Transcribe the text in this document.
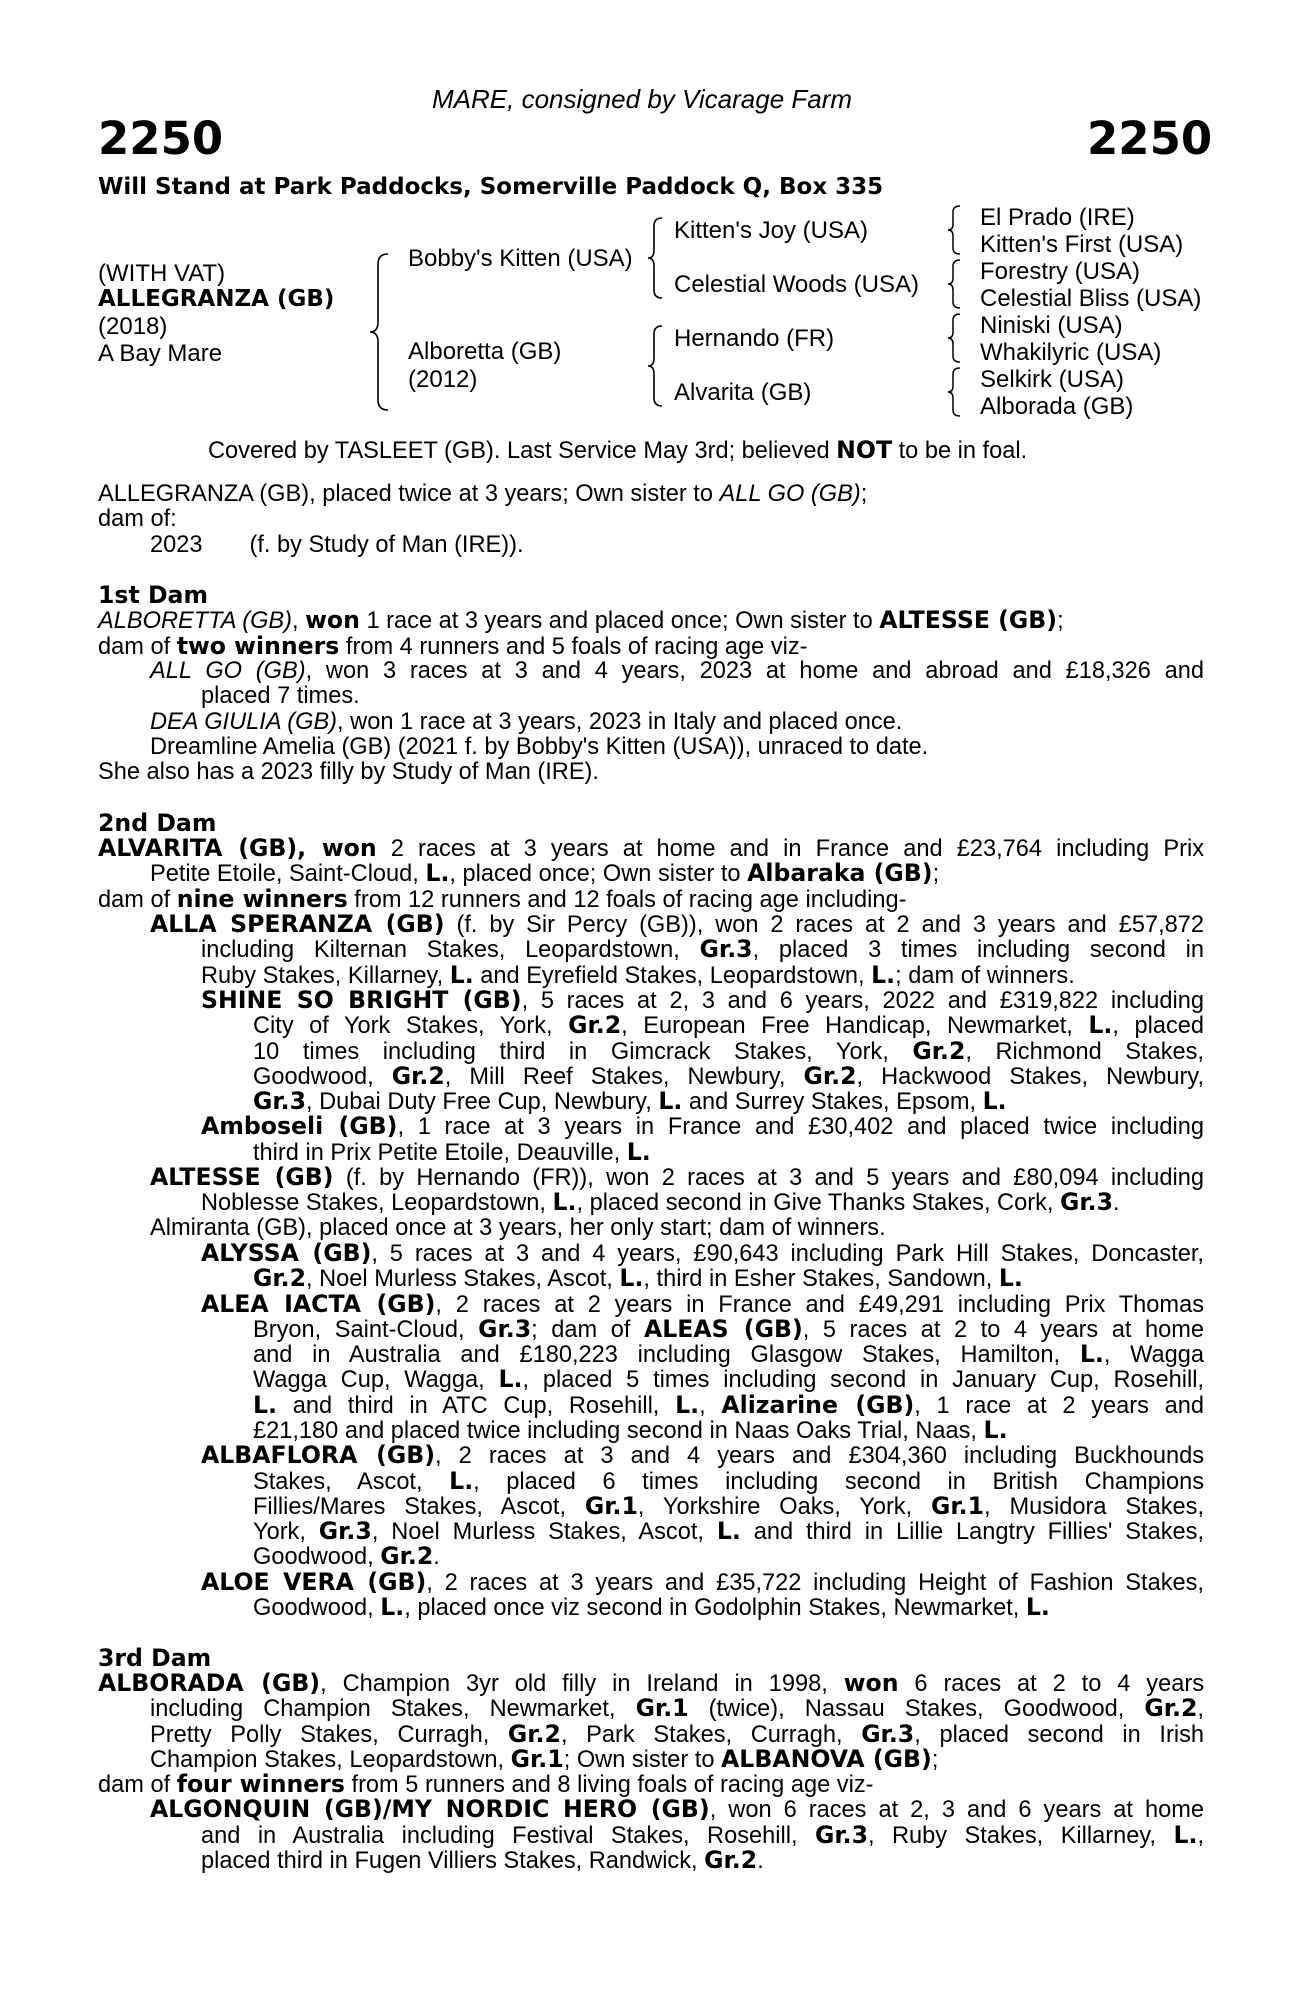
MARE, consigned by Vicarage Farm
2250	2250
Will Stand at Park Paddocks, Somerville Paddock Q, Box 335
(WITH VAT)
ALLEGRANZA (GB)
(2018)
A Bay Mare
Bobby's Kitten (USA)
Alboretta (GB)
(2012)
Kitten's Joy (USA)
Celestial Woods (USA)
Hernando (FR)
Alvarita (GB)
El Prado (IRE)
Kitten's First (USA)
Forestry (USA)
Celestial Bliss (USA)
Niniski (USA)
Whakilyric (USA)
Selkirk (USA)
Alborada (GB)
Covered by TASLEET (GB). Last Service May 3rd; believed NOT to be in foal.
ALLEGRANZA (GB), placed twice at 3 years; Own sister to ALL GO (GB);
dam of:
2023 (f. by Study of Man (IRE)).
1st Dam
ALBORETTA (GB), won 1 race at 3 years and placed once; Own sister to ALTESSE (GB);
dam of two winners from 4 runners and 5 foals of racing age viz-
ALL GO (GB), won 3 races at 3 and 4 years, 2023 at home and abroad and £18,326 and
placed 7 times.
DEA GIULIA (GB), won 1 race at 3 years, 2023 in Italy and placed once.
Dreamline Amelia (GB) (2021 f. by Bobby's Kitten (USA)), unraced to date.
She also has a 2023 filly by Study of Man (IRE).
2nd Dam
ALVARITA (GB), won 2 races at 3 years at home and in France and £23,764 including Prix
Petite Etoile, Saint-Cloud, L., placed once; Own sister to Albaraka (GB);
dam of nine winners from 12 runners and 12 foals of racing age including-
ALLA SPERANZA (GB) (f. by Sir Percy (GB)), won 2 races at 2 and 3 years and £57,872
including Kilternan Stakes, Leopardstown, Gr.3, placed 3 times including second in
Ruby Stakes, Killarney, L. and Eyrefield Stakes, Leopardstown, L.; dam of winners.
SHINE SO BRIGHT (GB), 5 races at 2, 3 and 6 years, 2022 and £319,822 including
City of York Stakes, York, Gr.2, European Free Handicap, Newmarket, L., placed
10 times including third in Gimcrack Stakes, York, Gr.2, Richmond Stakes,
Goodwood, Gr.2, Mill Reef Stakes, Newbury, Gr.2, Hackwood Stakes, Newbury,
Gr.3, Dubai Duty Free Cup, Newbury, L. and Surrey Stakes, Epsom, L.
Amboseli (GB), 1 race at 3 years in France and £30,402 and placed twice including
third in Prix Petite Etoile, Deauville, L.
ALTESSE (GB) (f. by Hernando (FR)), won 2 races at 3 and 5 years and £80,094 including
Noblesse Stakes, Leopardstown, L., placed second in Give Thanks Stakes, Cork, Gr.3.
Almiranta (GB), placed once at 3 years, her only start; dam of winners.
ALYSSA (GB), 5 races at 3 and 4 years, £90,643 including Park Hill Stakes, Doncaster,
Gr.2, Noel Murless Stakes, Ascot, L., third in Esher Stakes, Sandown, L.
ALEA IACTA (GB), 2 races at 2 years in France and £49,291 including Prix Thomas
Bryon, Saint-Cloud, Gr.3; dam of ALEAS (GB), 5 races at 2 to 4 years at home
and in Australia and £180,223 including Glasgow Stakes, Hamilton, L., Wagga
Wagga Cup, Wagga, L., placed 5 times including second in January Cup, Rosehill,
L. and third in ATC Cup, Rosehill, L., Alizarine (GB), 1 race at 2 years and
£21,180 and placed twice including second in Naas Oaks Trial, Naas, L.
ALBAFLORA (GB), 2 races at 3 and 4 years and £304,360 including Buckhounds
Stakes, Ascot, L., placed 6 times including second in British Champions
Fillies/Mares Stakes, Ascot, Gr.1, Yorkshire Oaks, York, Gr.1, Musidora Stakes,
York, Gr.3, Noel Murless Stakes, Ascot, L. and third in Lillie Langtry Fillies' Stakes,
Goodwood, Gr.2.
ALOE VERA (GB), 2 races at 3 years and £35,722 including Height of Fashion Stakes,
Goodwood, L., placed once viz second in Godolphin Stakes, Newmarket, L.
3rd Dam
ALBORADA (GB), Champion 3yr old filly in Ireland in 1998, won 6 races at 2 to 4 years
including Champion Stakes, Newmarket, Gr.1 (twice), Nassau Stakes, Goodwood, Gr.2,
Pretty Polly Stakes, Curragh, Gr.2, Park Stakes, Curragh, Gr.3, placed second in Irish
Champion Stakes, Leopardstown, Gr.1; Own sister to ALBANOVA (GB);
dam of four winners from 5 runners and 8 living foals of racing age viz-
ALGONQUIN (GB)/MY NORDIC HERO (GB), won 6 races at 2, 3 and 6 years at home
and in Australia including Festival Stakes, Rosehill, Gr.3, Ruby Stakes, Killarney, L.,
placed third in Fugen Villiers Stakes, Randwick, Gr.2.
